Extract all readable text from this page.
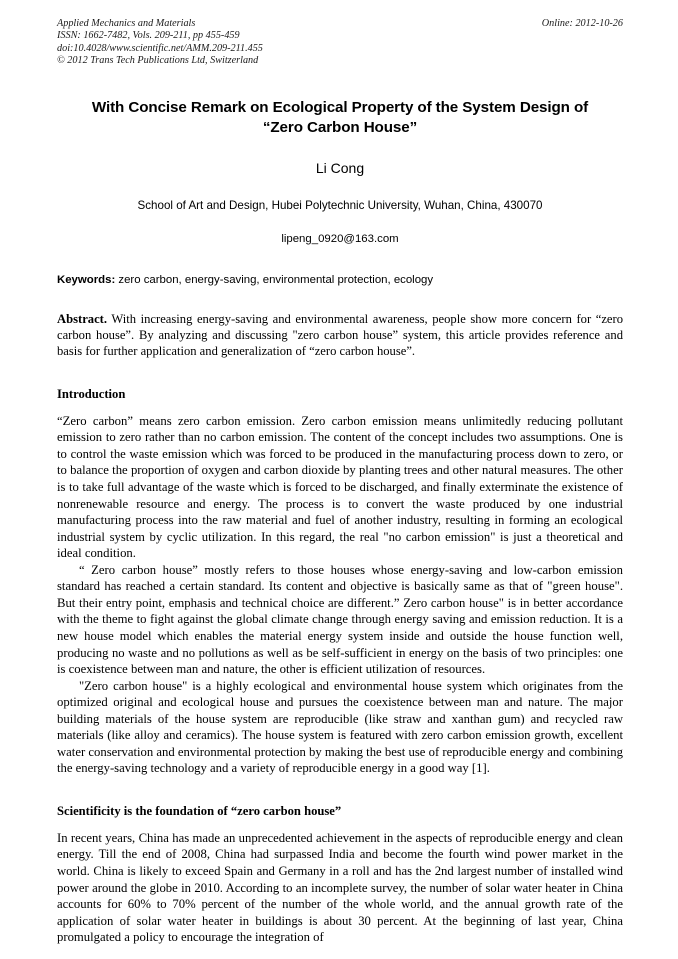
Applied Mechanics and Materials
ISSN: 1662-7482, Vols. 209-211, pp 455-459
doi:10.4028/www.scientific.net/AMM.209-211.455
© 2012 Trans Tech Publications Ltd, Switzerland
Online: 2012-10-26
With Concise Remark on Ecological Property of the System Design of
“Zero Carbon House”
Li Cong
School of Art and Design, Hubei Polytechnic University, Wuhan, China, 430070
lipeng_0920@163.com
Keywords: zero carbon, energy-saving, environmental protection, ecology
Abstract. With increasing energy-saving and environmental awareness, people show more concern for “zero carbon house”. By analyzing and discussing "zero carbon house” system, this article provides reference and basis for further application and generalization of “zero carbon house”.
Introduction

“Zero carbon” means zero carbon emission. Zero carbon emission means unlimitedly reducing pollutant emission to zero rather than no carbon emission. The content of the concept includes two assumptions. One is to control the waste emission which was forced to be produced in the manufacturing process down to zero, or to balance the proportion of oxygen and carbon dioxide by planting trees and other natural measures. The other is to take full advantage of the waste which is forced to be discharged, and finally exterminate the existence of nonrenewable resource and energy. The process is to convert the waste produced by one industrial manufacturing process into the raw material and fuel of another industry, resulting in forming an ecological industrial system by cyclic utilization. In this regard, the real "no carbon emission" is just a theoretical and ideal condition.

“ Zero carbon house” mostly refers to those houses whose energy-saving and low-carbon emission standard has reached a certain standard. Its content and objective is basically same as that of "green house". But their entry point, emphasis and technical choice are different.” Zero carbon house" is in better accordance with the theme to fight against the global climate change through energy saving and emission reduction. It is a new house model which enables the material energy system inside and outside the house function well, producing no waste and no pollutions as well as be self-sufficient in energy on the basis of two principles: one is coexistence between man and nature, the other is efficient utilization of resources.

"Zero carbon house" is a highly ecological and environmental house system which originates from the optimized original and ecological house and pursues the coexistence between man and nature. The major building materials of the house system are reproducible (like straw and xanthan gum) and recycled raw materials (like alloy and ceramics). The house system is featured with zero carbon emission growth, excellent water conservation and environmental protection by making the best use of reproducible energy and combining the energy-saving technology and a variety of reproducible energy in a good way [1].

Scientificity is the foundation of “zero carbon house”

In recent years, China has made an unprecedented achievement in the aspects of reproducible energy and clean energy. Till the end of 2008, China had surpassed India and become the fourth wind power market in the world. China is likely to exceed Spain and Germany in a roll and has the 2nd largest number of installed wind power around the globe in 2010. According to an incomplete survey, the number of solar water heater in China accounts for 60% to 70% percent of the number of the whole world, and the annual growth rate of the application of solar water heater in buildings is about 30 percent. At the beginning of last year, China promulgated a policy to encourage the integration of
